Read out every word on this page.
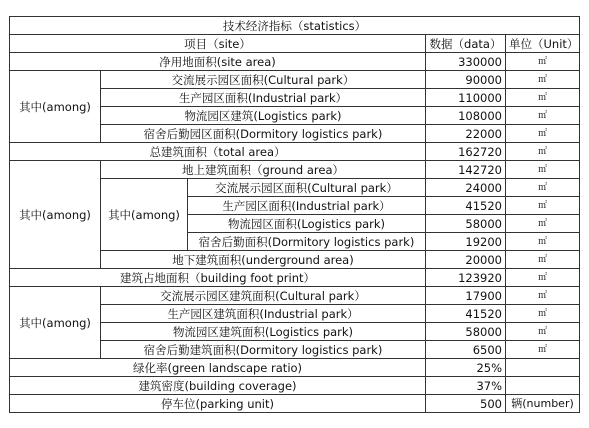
技术经济指标（statistics）				
项目（site）			数据（data）	单位（Unit）
净用地面积(site area)			330000	㎡
其中(among)	交流展示园区面积(Cultural park）		90000	㎡
	生产园区面积(Industrial park）		110000	㎡
	物流园区建筑(Logistics park)		108000	㎡
	宿舍后勤园区面积(Dormitory logistics park)		22000	㎡
总建筑面积（total area）			162720	㎡
其中(among)	地上建筑面积（ground area）		142720	㎡
	其中(among)	交流展示园区面积(Cultural park）	24000	㎡
		生产园区面积(Industrial park）	41520	㎡
		物流园区面积(Logistics park)	58000	㎡
		宿舍后勤面积(Dormitory logistics park)	19200	㎡
	地下建筑面积(underground area)		20000	㎡
建筑占地面积（building foot print）			123920	㎡
其中(among)	交流展示园区建筑面积(Cultural park）		17900	㎡
	生产园区建筑面积(Industrial park）		41520	㎡
	物流园区建筑面积(Logistics park)		58000	㎡
	宿舍后勤建筑面积(Dormitory logistics park)		6500	㎡
绿化率(green landscape ratio)			25%	
建筑密度(building coverage)			37%	
停车位(parking unit)			500	辆(number)
